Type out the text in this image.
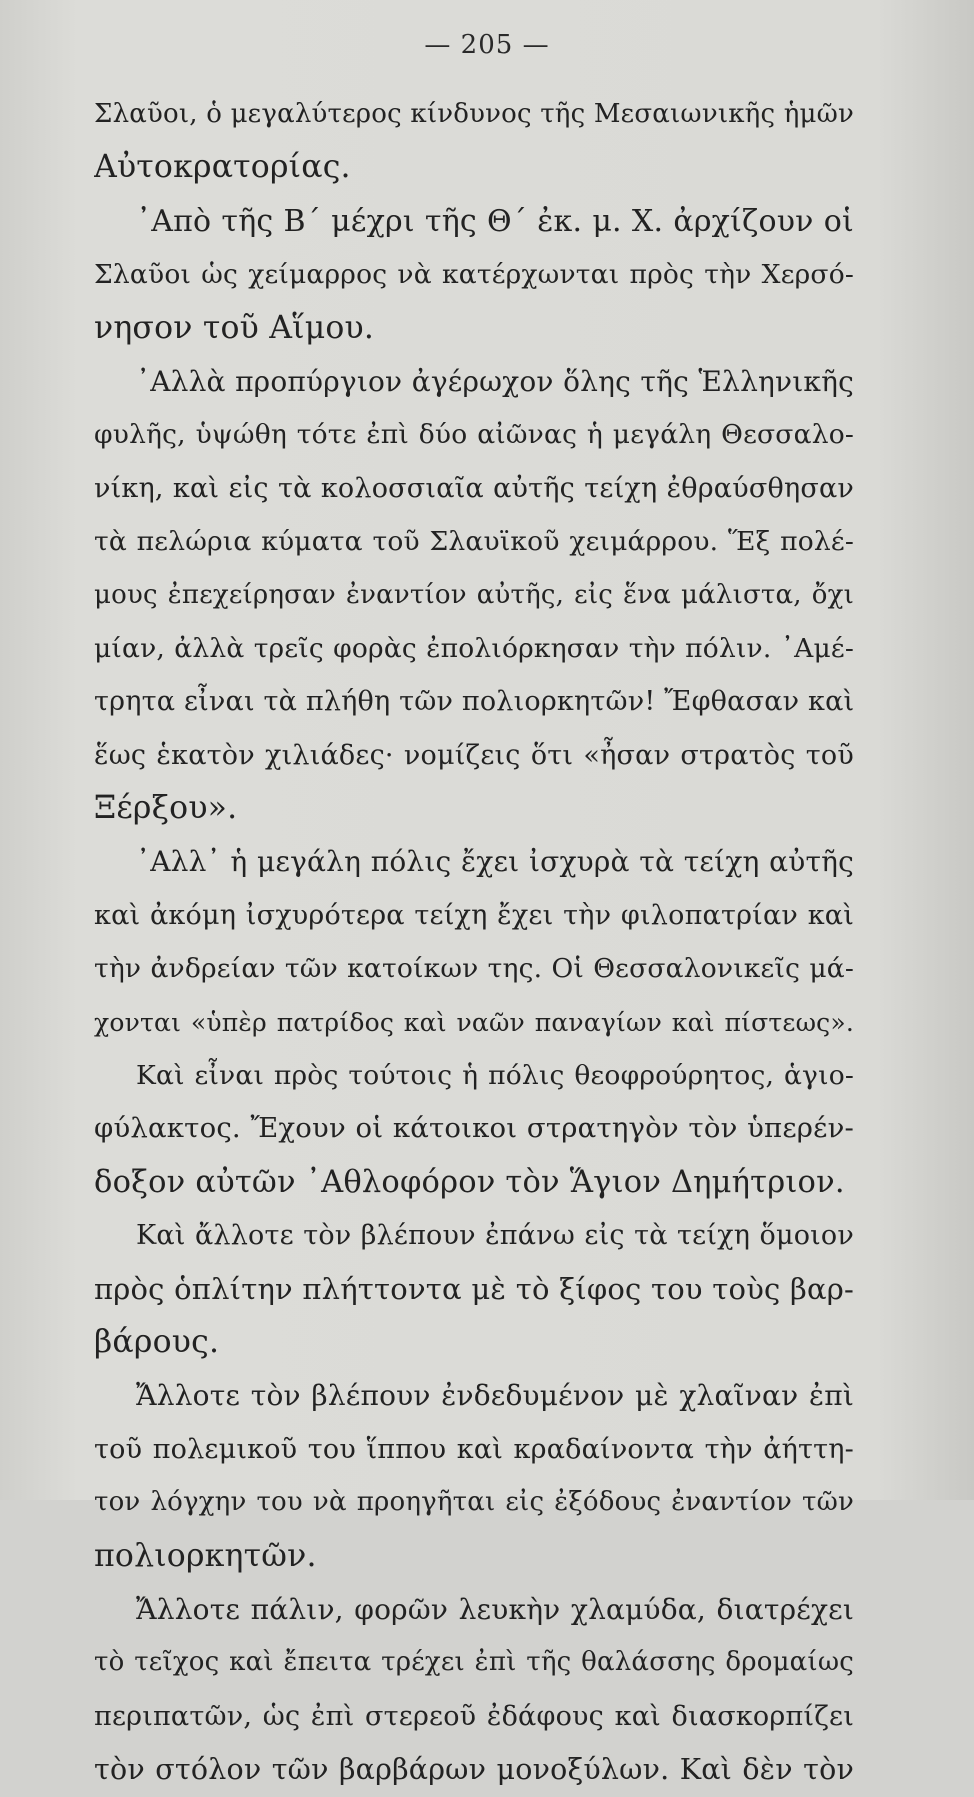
— 205 —
Σλαῦοι, ὁ μεγαλύτερος κίνδυνος τῆς Μεσαιωνικῆς ἡμῶν
Αὐτοκρατορίας.
᾿Απὸ τῆς Β΄ μέχρι τῆς Θ΄ ἐκ. μ. Χ. ἀρχίζουν οἱ
Σλαῦοι ὡς χείμαρρος νὰ κατέρχωνται πρὸς τὴν Χερσό-
νησον τοῦ Αἵμου.
᾿Αλλὰ προπύργιον ἀγέρωχον ὅλης τῆς Ἑλληνικῆς
φυλῆς, ὑψώθη τότε ἐπὶ δύο αἰῶνας ἡ μεγάλη Θεσσαλο-
νίκη, καὶ εἰς τὰ κολοσσιαῖα αὐτῆς τείχη ἐθραύσθησαν
τὰ πελώρια κύματα τοῦ Σλαυϊκοῦ χειμάρρου. Ἕξ πολέ-
μους ἐπεχείρησαν ἐναντίον αὐτῆς, εἰς ἕνα μάλιστα, ὄχι
μίαν, ἀλλὰ τρεῖς φορὰς ἐπολιόρκησαν τὴν πόλιν. ᾿Αμέ-
τρητα εἶναι τὰ πλήθη τῶν πολιορκητῶν! Ἔφθασαν καὶ
ἕως ἑκατὸν χιλιάδες· νομίζεις ὅτι «ἦσαν στρατὸς τοῦ
Ξέρξου».
᾿Αλλ᾿ ἡ μεγάλη πόλις ἔχει ἰσχυρὰ τὰ τείχη αὐτῆς
καὶ ἀκόμη ἰσχυρότερα τείχη ἔχει τὴν φιλοπατρίαν καὶ
τὴν ἀνδρείαν τῶν κατοίκων της. Οἱ Θεσσαλονικεῖς μά-
χονται «ὑπὲρ πατρίδος καὶ ναῶν παναγίων καὶ πίστεως».
Καὶ εἶναι πρὸς τούτοις ἡ πόλις θεοφρούρητος, ἁγιο-
φύλακτος. Ἔχουν οἱ κάτοικοι στρατηγὸν τὸν ὑπερέν-
δοξον αὐτῶν ᾿Αθλοφόρον τὸν Ἅγιον Δημήτριον.
Καὶ ἄλλοτε τὸν βλέπουν ἐπάνω εἰς τὰ τείχη ὅμοιον
πρὸς ὁπλίτην πλήττοντα μὲ τὸ ξίφος του τοὺς βαρ-
βάρους.
Ἄλλοτε τὸν βλέπουν ἐνδεδυμένον μὲ χλαῖναν ἐπὶ
τοῦ πολεμικοῦ του ἵππου καὶ κραδαίνοντα τὴν ἀήττη-
τον λόγχην του νὰ προηγῆται εἰς ἐξόδους ἐναντίον τῶν
πολιορκητῶν.
Ἄλλοτε πάλιν, φορῶν λευκὴν χλαμύδα, διατρέχει
τὸ τεῖχος καὶ ἔπειτα τρέχει ἐπὶ τῆς θαλάσσης δρομαίως
περιπατῶν, ὡς ἐπὶ στερεοῦ ἐδάφους καὶ διασκορπίζει
τὸν στόλον τῶν βαρβάρων μονοξύλων. Καὶ δὲν τὸν
